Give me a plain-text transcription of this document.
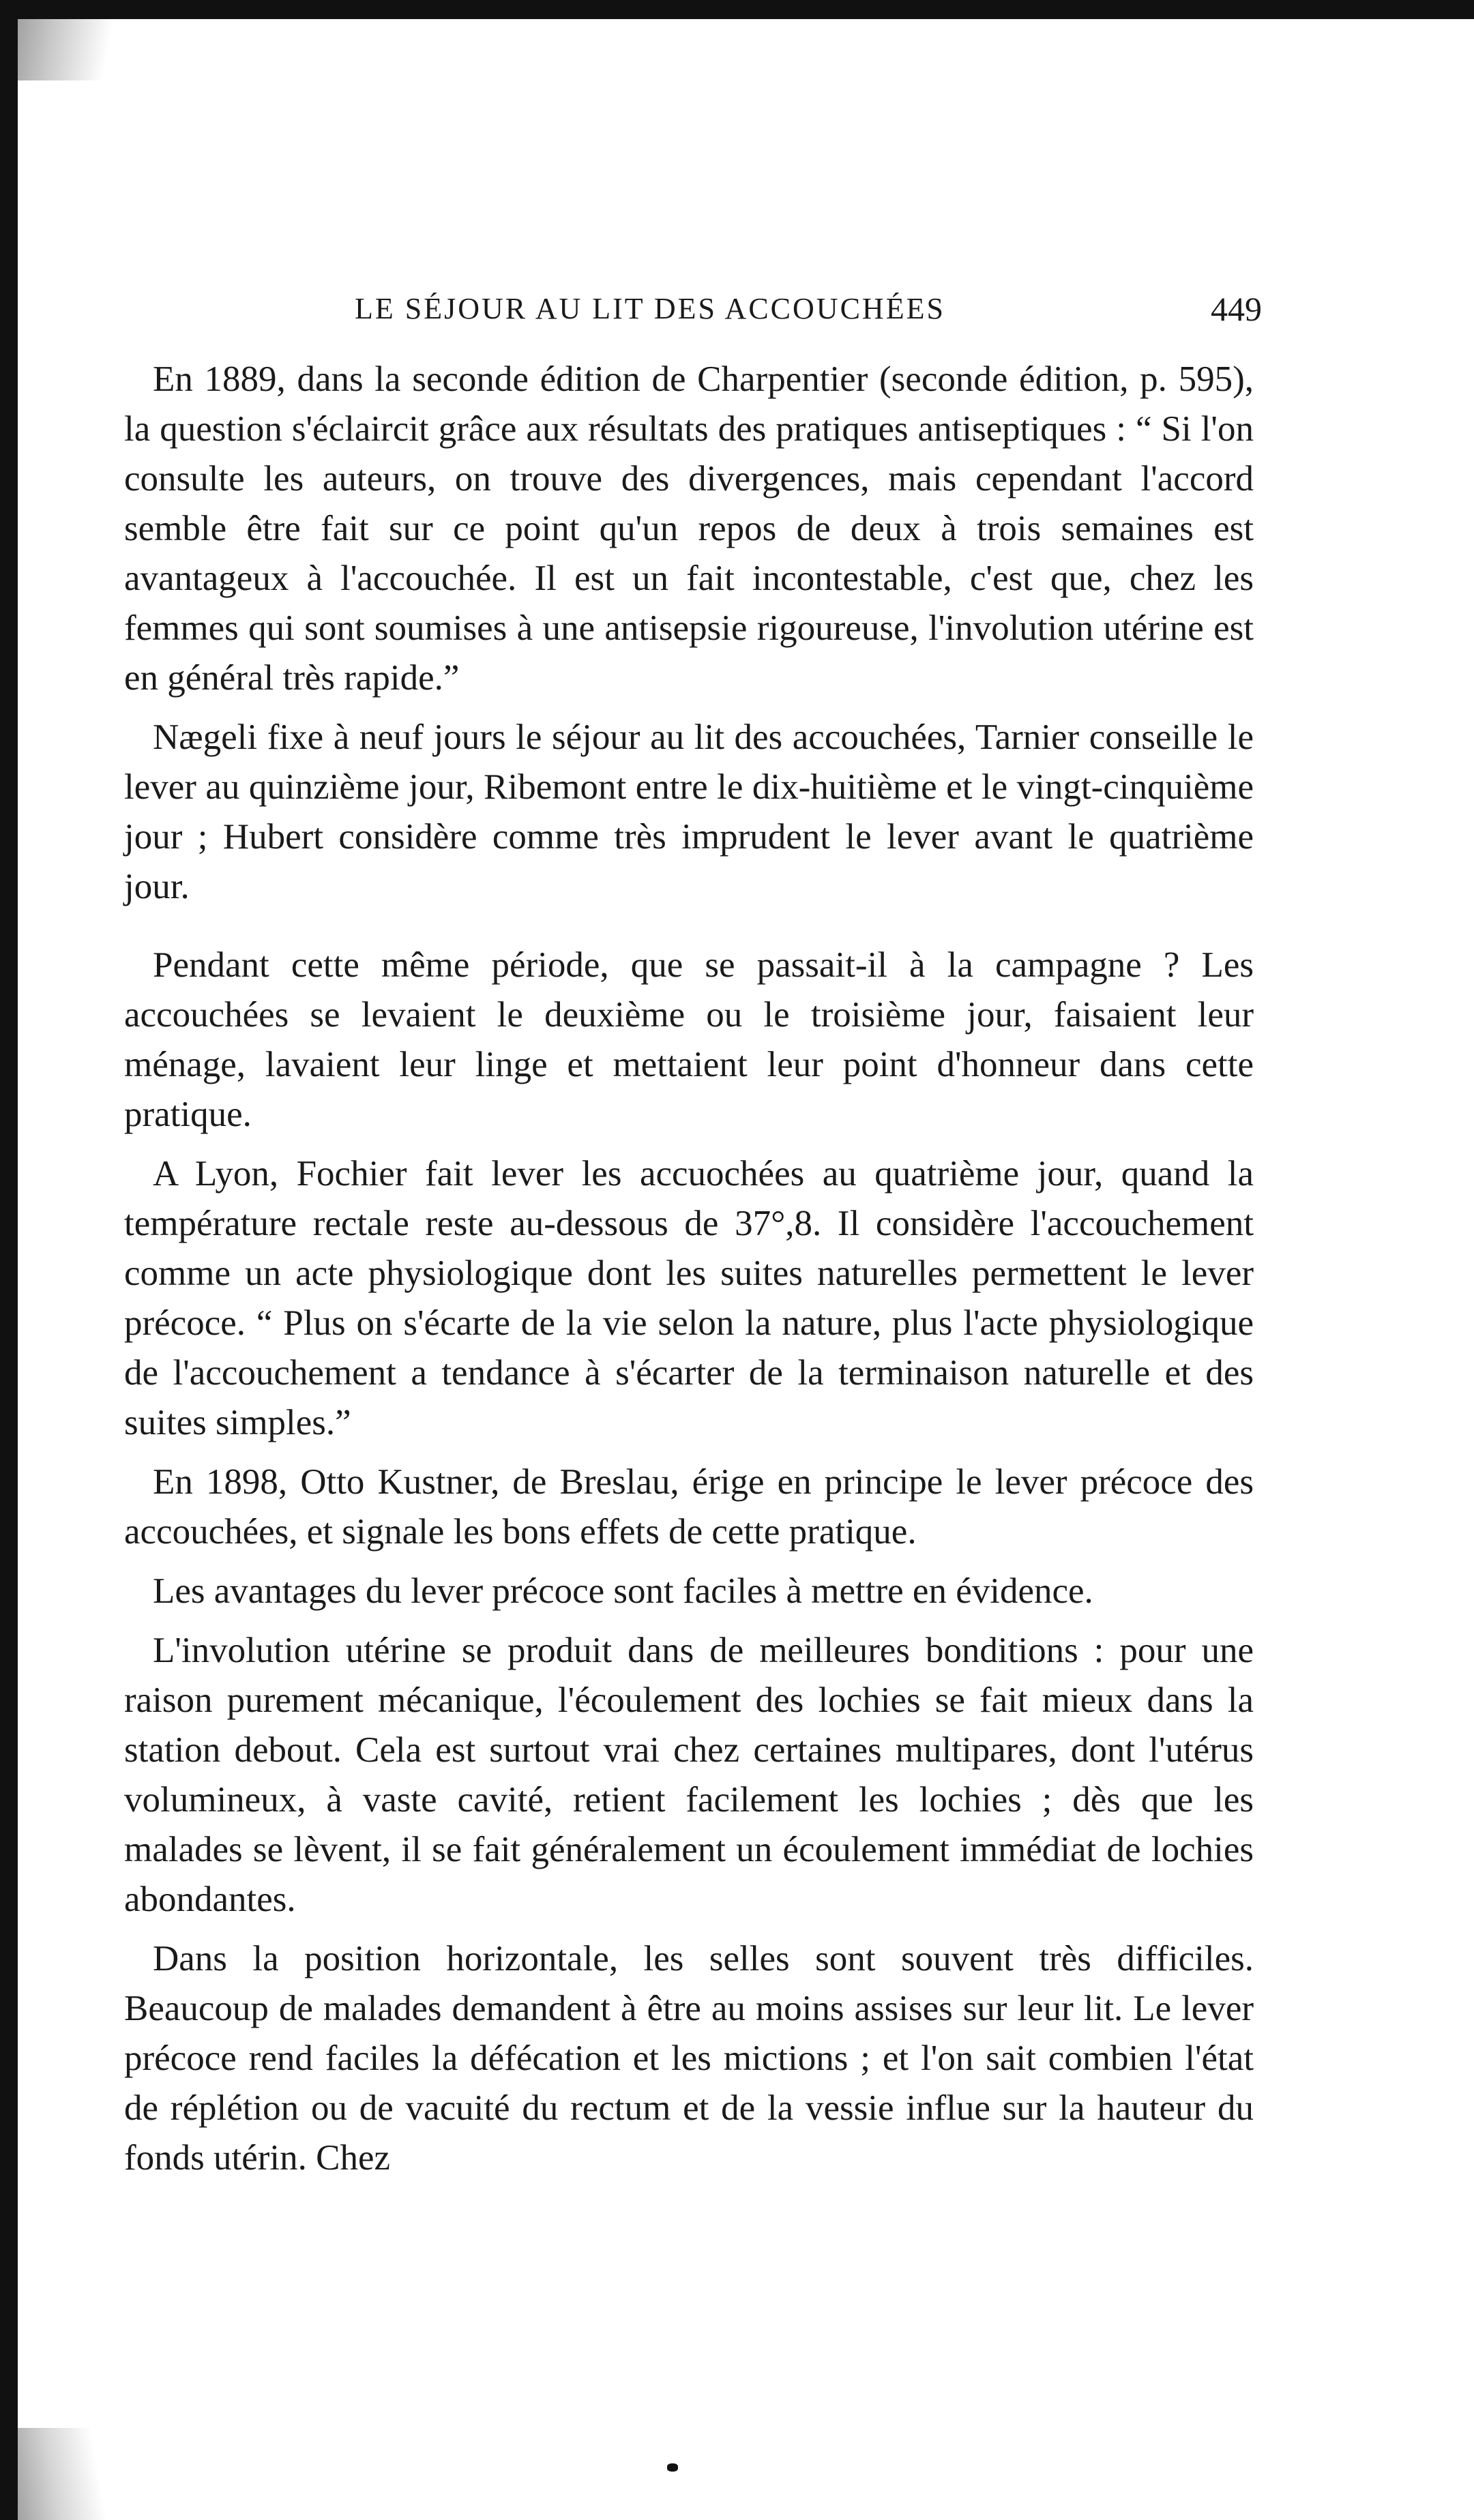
LE SÉJOUR AU LIT DES ACCOUCHÉES	449

En 1889, dans la seconde édition de Charpentier (seconde édition, p. 595), la question s'éclaircit grâce aux résultats des pratiques antiseptiques : “ Si l'on consulte les auteurs, on trouve des divergences, mais cependant l'accord semble être fait sur ce point qu'un repos de deux à trois semaines est avantageux à l'accouchée. Il est un fait incontestable, c'est que, chez les femmes qui sont soumises à une antisepsie rigoureuse, l'involution utérine est en général très rapide.”

Nægeli fixe à neuf jours le séjour au lit des accouchées, Tarnier conseille le lever au quinzième jour, Ribemont entre le dix-huitième et le vingt-cinquième jour ; Hubert considère comme très imprudent le lever avant le quatrième jour.

Pendant cette même période, que se passait-il à la campagne ? Les accouchées se levaient le deuxième ou le troisième jour, faisaient leur ménage, lavaient leur linge et mettaient leur point d'honneur dans cette pratique.

A Lyon, Fochier fait lever les accuochées au quatrième jour, quand la température rectale reste au-dessous de 37°,8. Il considère l'accouchement comme un acte physiologique dont les suites naturelles permettent le lever précoce. “ Plus on s'écarte de la vie selon la nature, plus l'acte physiologique de l'accouchement a tendance à s'écarter de la terminaison naturelle et des suites simples.”

En 1898, Otto Kustner, de Breslau, érige en principe le lever précoce des accouchées, et signale les bons effets de cette pratique.

Les avantages du lever précoce sont faciles à mettre en évidence.

L'involution utérine se produit dans de meilleures bonditions : pour une raison purement mécanique, l'écoulement des lochies se fait mieux dans la station debout. Cela est surtout vrai chez certaines multipares, dont l'utérus volumineux, à vaste cavité, retient facilement les lochies ; dès que les malades se lèvent, il se fait généralement un écoulement immédiat de lochies abondantes.

Dans la position horizontale, les selles sont souvent très difficiles. Beaucoup de malades demandent à être au moins assises sur leur lit. Le lever précoce rend faciles la défécation et les mictions ; et l'on sait combien l'état de réplétion ou de vacuité du rectum et de la vessie influe sur la hauteur du fonds utérin. Chez
